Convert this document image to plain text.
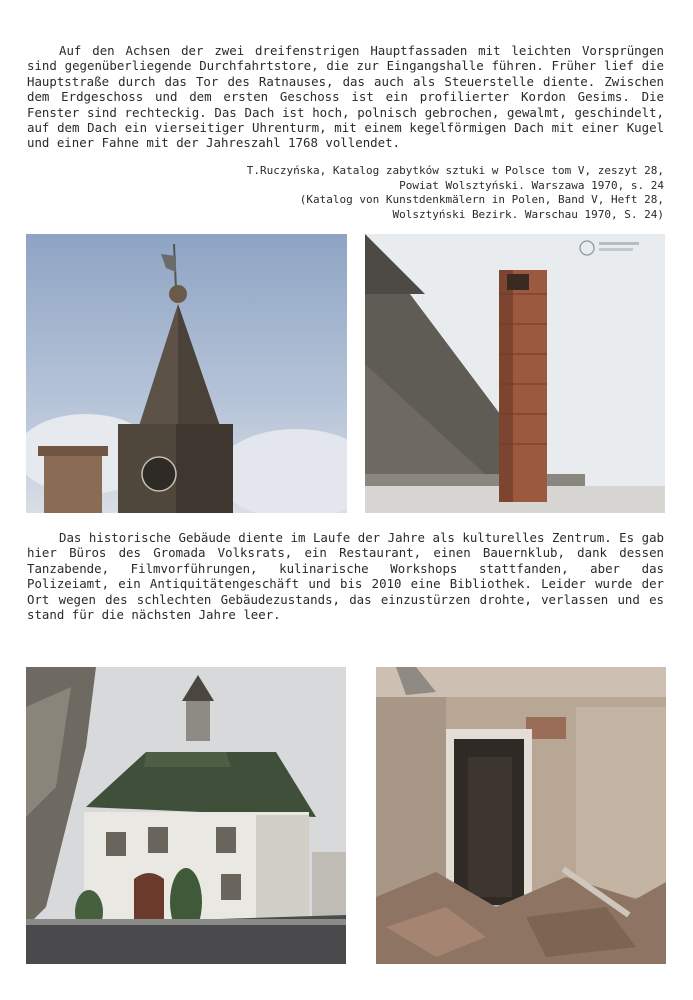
Auf den Achsen der zwei dreifenstrigen Hauptfassaden mit leichten Vorsprüngen sind gegenüberliegende Durchfahrtstore, die zur Eingangshalle führen. Früher lief die Hauptstraße durch das Tor des Ratnauses, das auch als Steuerstelle diente. Zwischen dem Erdgeschoss und dem ersten Geschoss ist ein profilierter Kordon Gesims. Die Fenster sind rechteckig. Das Dach ist hoch, polnisch gebrochen, gewalmt, geschindelt, auf dem Dach ein vierseitiger Uhrenturm, mit einem kegelförmigen Dach mit einer Kugel und einer Fahne mit der Jahreszahl 1768 vollendet.

T.Ruczyńska, Katalog zabytków sztuki w Polsce tom V, zeszyt 28,
Powiat Wolsztyński. Warszawa 1970, s. 24
(Katalog von Kunstdenkmälern in Polen, Band V, Heft 28,
Wolsztyński Bezirk. Warschau 1970, S. 24)

Das historische Gebäude diente im Laufe der Jahre als kulturelles Zentrum. Es gab hier Büros des Gromada Volksrats, ein Restaurant, einen Bauernklub, dank dessen Tanzabende, Filmvorführungen, kulinarische Workshops stattfanden, aber das Polizeiamt, ein Antiquitätengeschäft und bis 2010 eine Bibliothek. Leider wurde der Ort wegen des schlechten Gebäudezustands, das einzustürzen drohte, verlassen und es stand für die nächsten Jahre leer.
